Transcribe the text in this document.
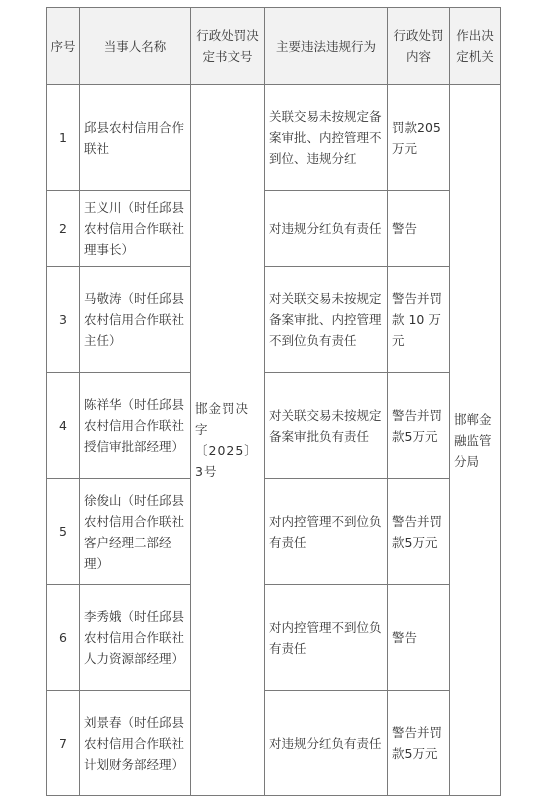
序号	当事人名称	行政处罚决定书文号	主要违法违规行为	行政处罚内容	作出决定机关
1	邱县农村信用合作联社	邯金罚决字〔2025〕3号	关联交易未按规定备案审批、内控管理不到位、违规分红	罚款205万元	邯郸金融监管分局
2	王义川（时任邱县农村信用合作联社理事长）		对违规分红负有责任	警告	
3	马敬涛（时任邱县农村信用合作联社主任）		对关联交易未按规定备案审批、内控管理不到位负有责任	警告并罚款 10 万元	
4	陈祥华（时任邱县农村信用合作联社授信审批部经理）		对关联交易未按规定备案审批负有责任	警告并罚款5万元	
5	徐俊山（时任邱县农村信用合作联社客户经理二部经理）		对内控管理不到位负有责任	警告并罚款5万元	
6	李秀娥（时任邱县农村信用合作联社人力资源部经理）		对内控管理不到位负有责任	警告	
7	刘景春（时任邱县农村信用合作联社计划财务部经理）		对违规分红负有责任	警告并罚款5万元	
